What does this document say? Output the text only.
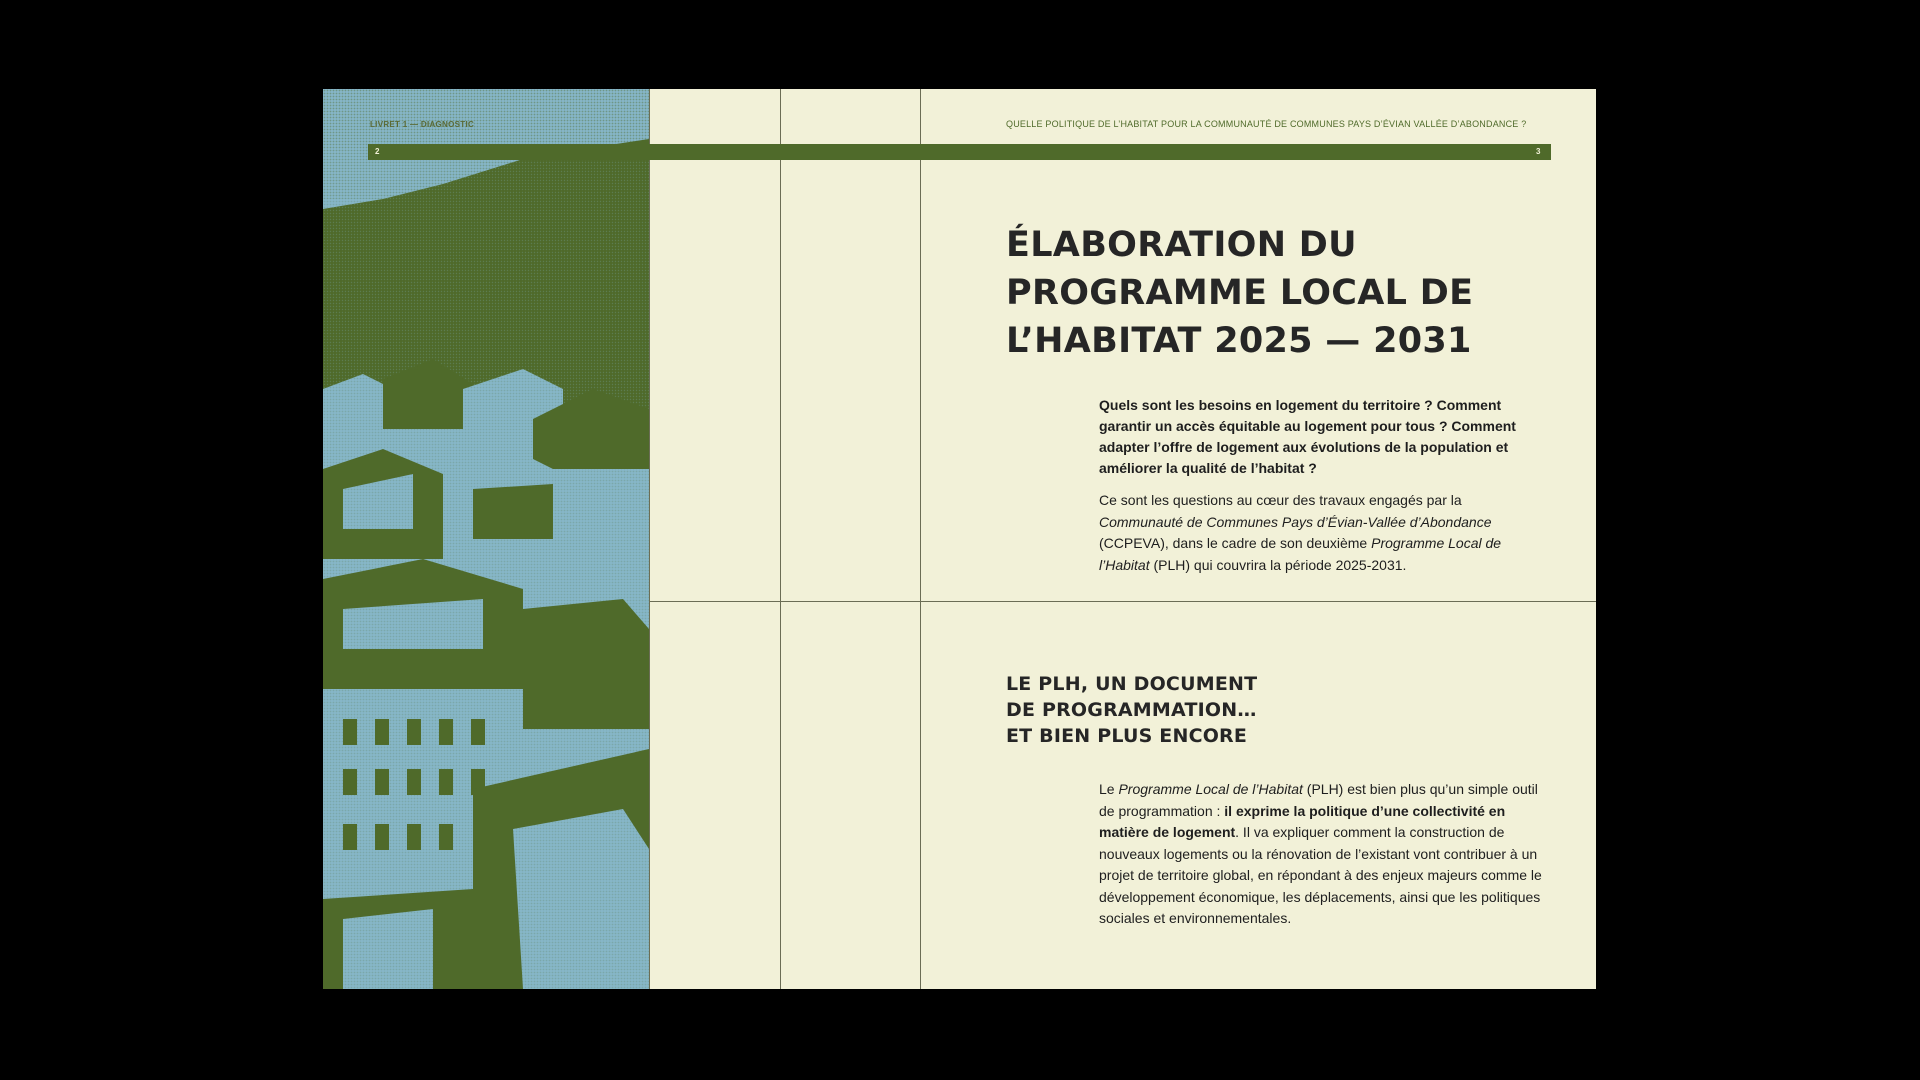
LIVRET 1 — DIAGNOSTIC	QUELLE POLITIQUE DE L’HABITAT POUR LA COMMUNAUTÉ DE COMMUNES PAYS D’ÉVIAN VALLÉE D’ABONDANCE ?
2	3
ÉLABORATION DU
PROGRAMME LOCAL DE
L’HABITAT 2025 — 2031

Quels sont les besoins en logement du territoire ? Comment garantir un accès équitable au logement pour tous ? Comment adapter l’offre de logement aux évolutions de la population et améliorer la qualité de l’habitat ?

Ce sont les questions au cœur des travaux engagés par la Communauté de Communes Pays d’Évian-Vallée d’Abondance (CCPEVA), dans le cadre de son deuxième Programme Local de l’Habitat (PLH) qui couvrira la période 2025-2031.

LE PLH, UN DOCUMENT
DE PROGRAMMATION…
ET BIEN PLUS ENCORE

Le Programme Local de l’Habitat (PLH) est bien plus qu’un simple outil de programmation : il exprime la politique d’une collectivité en matière de logement. Il va expliquer comment la construction de nouveaux logements ou la rénovation de l’existant vont contribuer à un projet de territoire global, en répondant à des enjeux majeurs comme le développement économique, les déplacements, ainsi que les politiques sociales et environnementales.
